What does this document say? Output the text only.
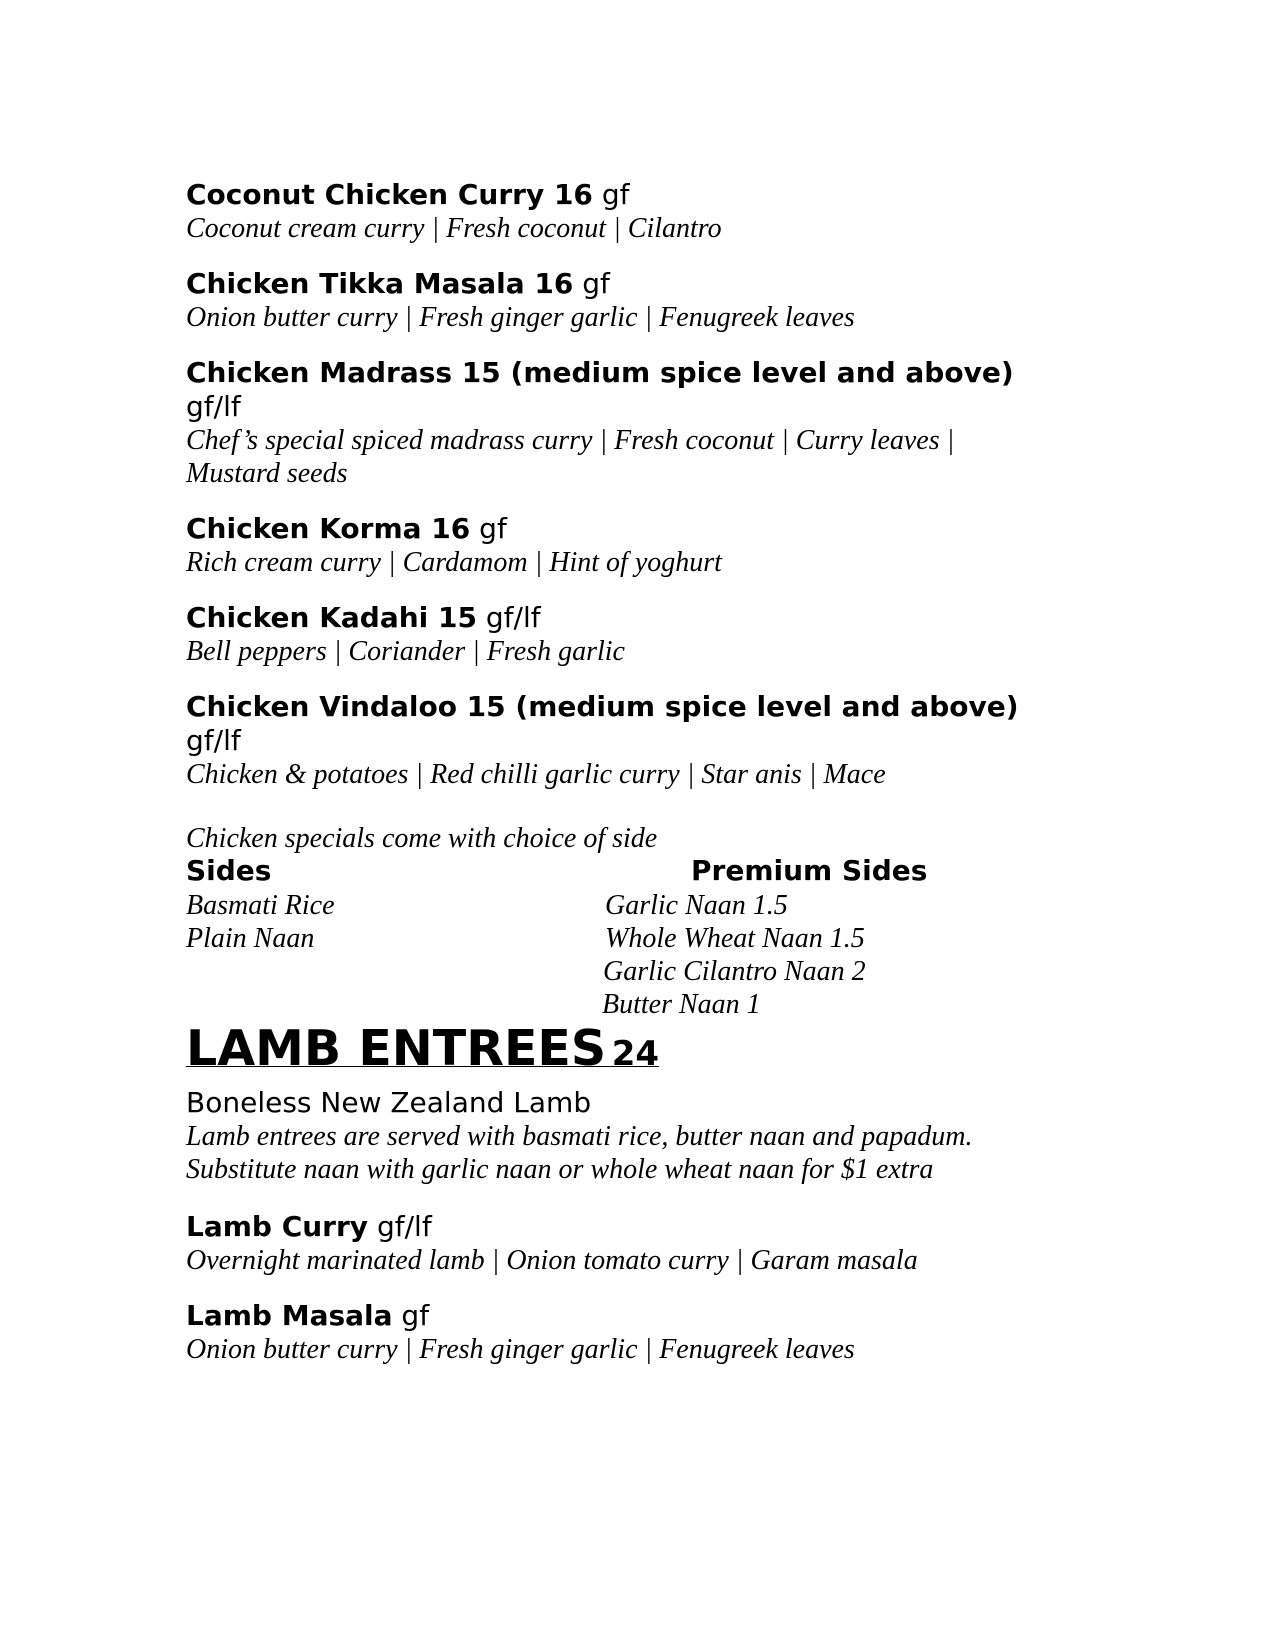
Coconut Chicken Curry 16 gf
Coconut cream curry | Fresh coconut | Cilantro
Chicken Tikka Masala 16 gf
Onion butter curry | Fresh ginger garlic | Fenugreek leaves
Chicken Madrass 15 (medium spice level and above)
gf/lf
Chef’s special spiced madrass curry | Fresh coconut | Curry leaves |
Mustard seeds
Chicken Korma 16 gf
Rich cream curry | Cardamom | Hint of yoghurt
Chicken Kadahi 15 gf/lf
Bell peppers | Coriander | Fresh garlic
Chicken Vindaloo 15 (medium spice level and above)
gf/lf
Chicken & potatoes | Red chilli garlic curry | Star anis | Mace
Chicken specials come with choice of side
Sides
Basmati Rice
Plain Naan
Premium Sides
Garlic Naan 1.5
Whole Wheat Naan 1.5
Garlic Cilantro Naan 2
Butter Naan 1
LAMB ENTREES 24
Boneless New Zealand Lamb
Lamb entrees are served with basmati rice, butter naan and papadum.
Substitute naan with garlic naan or whole wheat naan for $1 extra
Lamb Curry gf/lf
Overnight marinated lamb | Onion tomato curry | Garam masala
Lamb Masala gf
Onion butter curry | Fresh ginger garlic | Fenugreek leaves
